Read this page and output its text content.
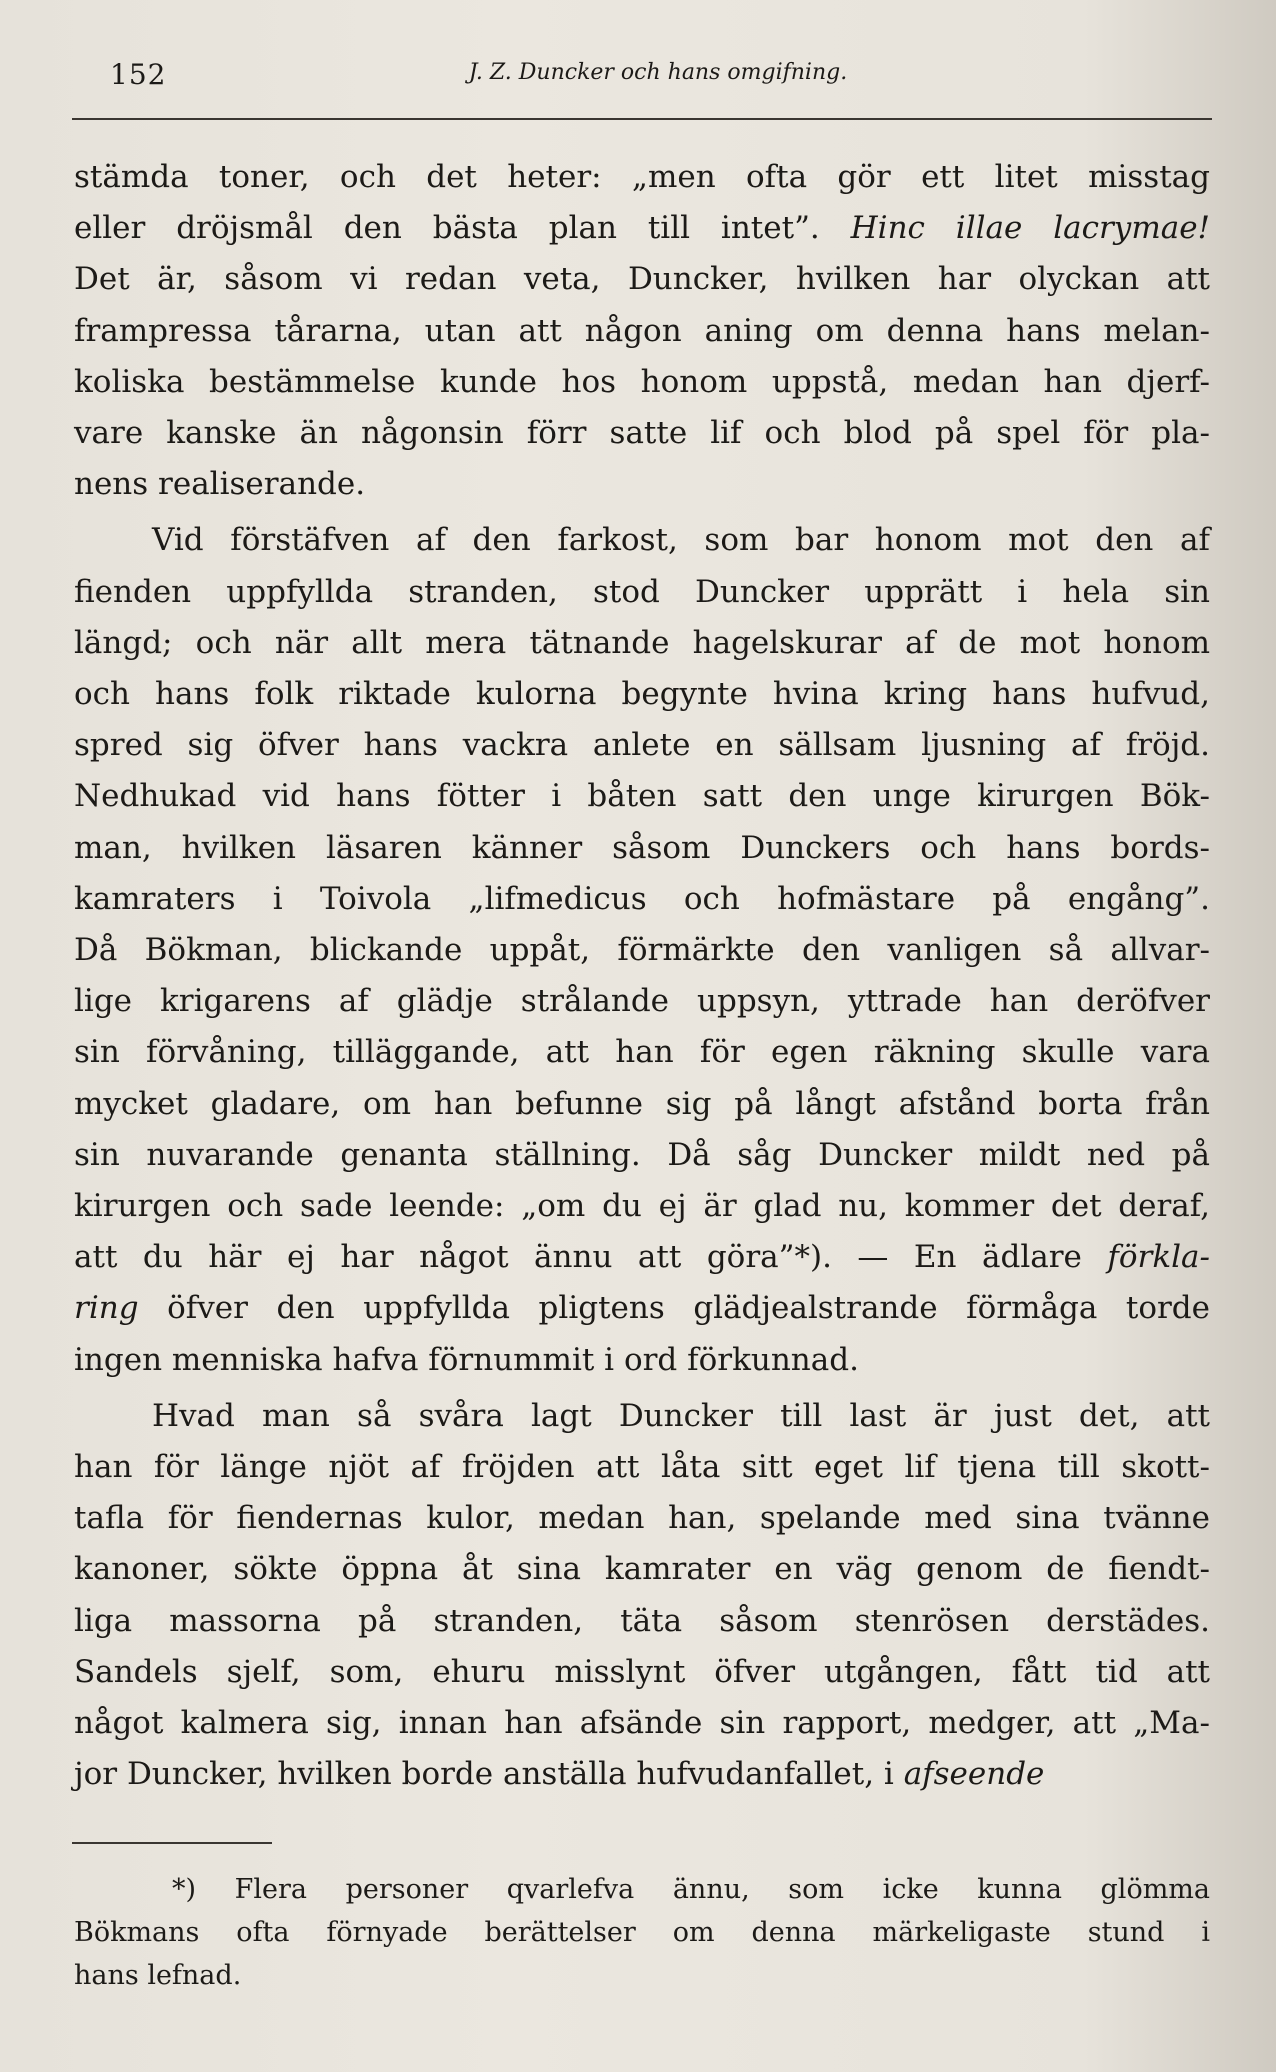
152	J. Z. Duncker och hans omgifning.
stämda toner, och det heter: „men ofta gör ett litet misstag
eller dröjsmål den bästa plan till intet”. Hinc illae lacrymae!
Det är, såsom vi redan veta, Duncker, hvilken har olyckan att
frampressa tårarna, utan att någon aning om denna hans melan-
koliska bestämmelse kunde hos honom uppstå, medan han djerf-
vare kanske än någonsin förr satte lif och blod på spel för pla-
nens realiserande.
Vid förstäfven af den farkost, som bar honom mot den af
fienden uppfyllda stranden, stod Duncker upprätt i hela sin
längd; och när allt mera tätnande hagelskurar af de mot honom
och hans folk riktade kulorna begynte hvina kring hans hufvud,
spred sig öfver hans vackra anlete en sällsam ljusning af fröjd.
Nedhukad vid hans fötter i båten satt den unge kirurgen Bök-
man, hvilken läsaren känner såsom Dunckers och hans bords-
kamraters i Toivola „lifmedicus och hofmästare på engång”.
Då Bökman, blickande uppåt, förmärkte den vanligen så allvar-
lige krigarens af glädje strålande uppsyn, yttrade han deröfver
sin förvåning, tilläggande, att han för egen räkning skulle vara
mycket gladare, om han befunne sig på långt afstånd borta från
sin nuvarande genanta ställning. Då såg Duncker mildt ned på
kirurgen och sade leende: „om du ej är glad nu, kommer det deraf,
att du här ej har något ännu att göra”*). — En ädlare förkla-
ring öfver den uppfyllda pligtens glädjealstrande förmåga torde
ingen menniska hafva förnummit i ord förkunnad.
Hvad man så svåra lagt Duncker till last är just det, att
han för länge njöt af fröjden att låta sitt eget lif tjena till skott-
tafla för fiendernas kulor, medan han, spelande med sina tvänne
kanoner, sökte öppna åt sina kamrater en väg genom de fiendt-
liga massorna på stranden, täta såsom stenrösen derstädes.
Sandels sjelf, som, ehuru misslynt öfver utgången, fått tid att
något kalmera sig, innan han afsände sin rapport, medger, att „Ma-
jor Duncker, hvilken borde anställa hufvudanfallet, i afseende
*) Flera personer qvarlefva ännu, som icke kunna glömma
Bökmans ofta förnyade berättelser om denna märkeligaste stund i
hans lefnad.
